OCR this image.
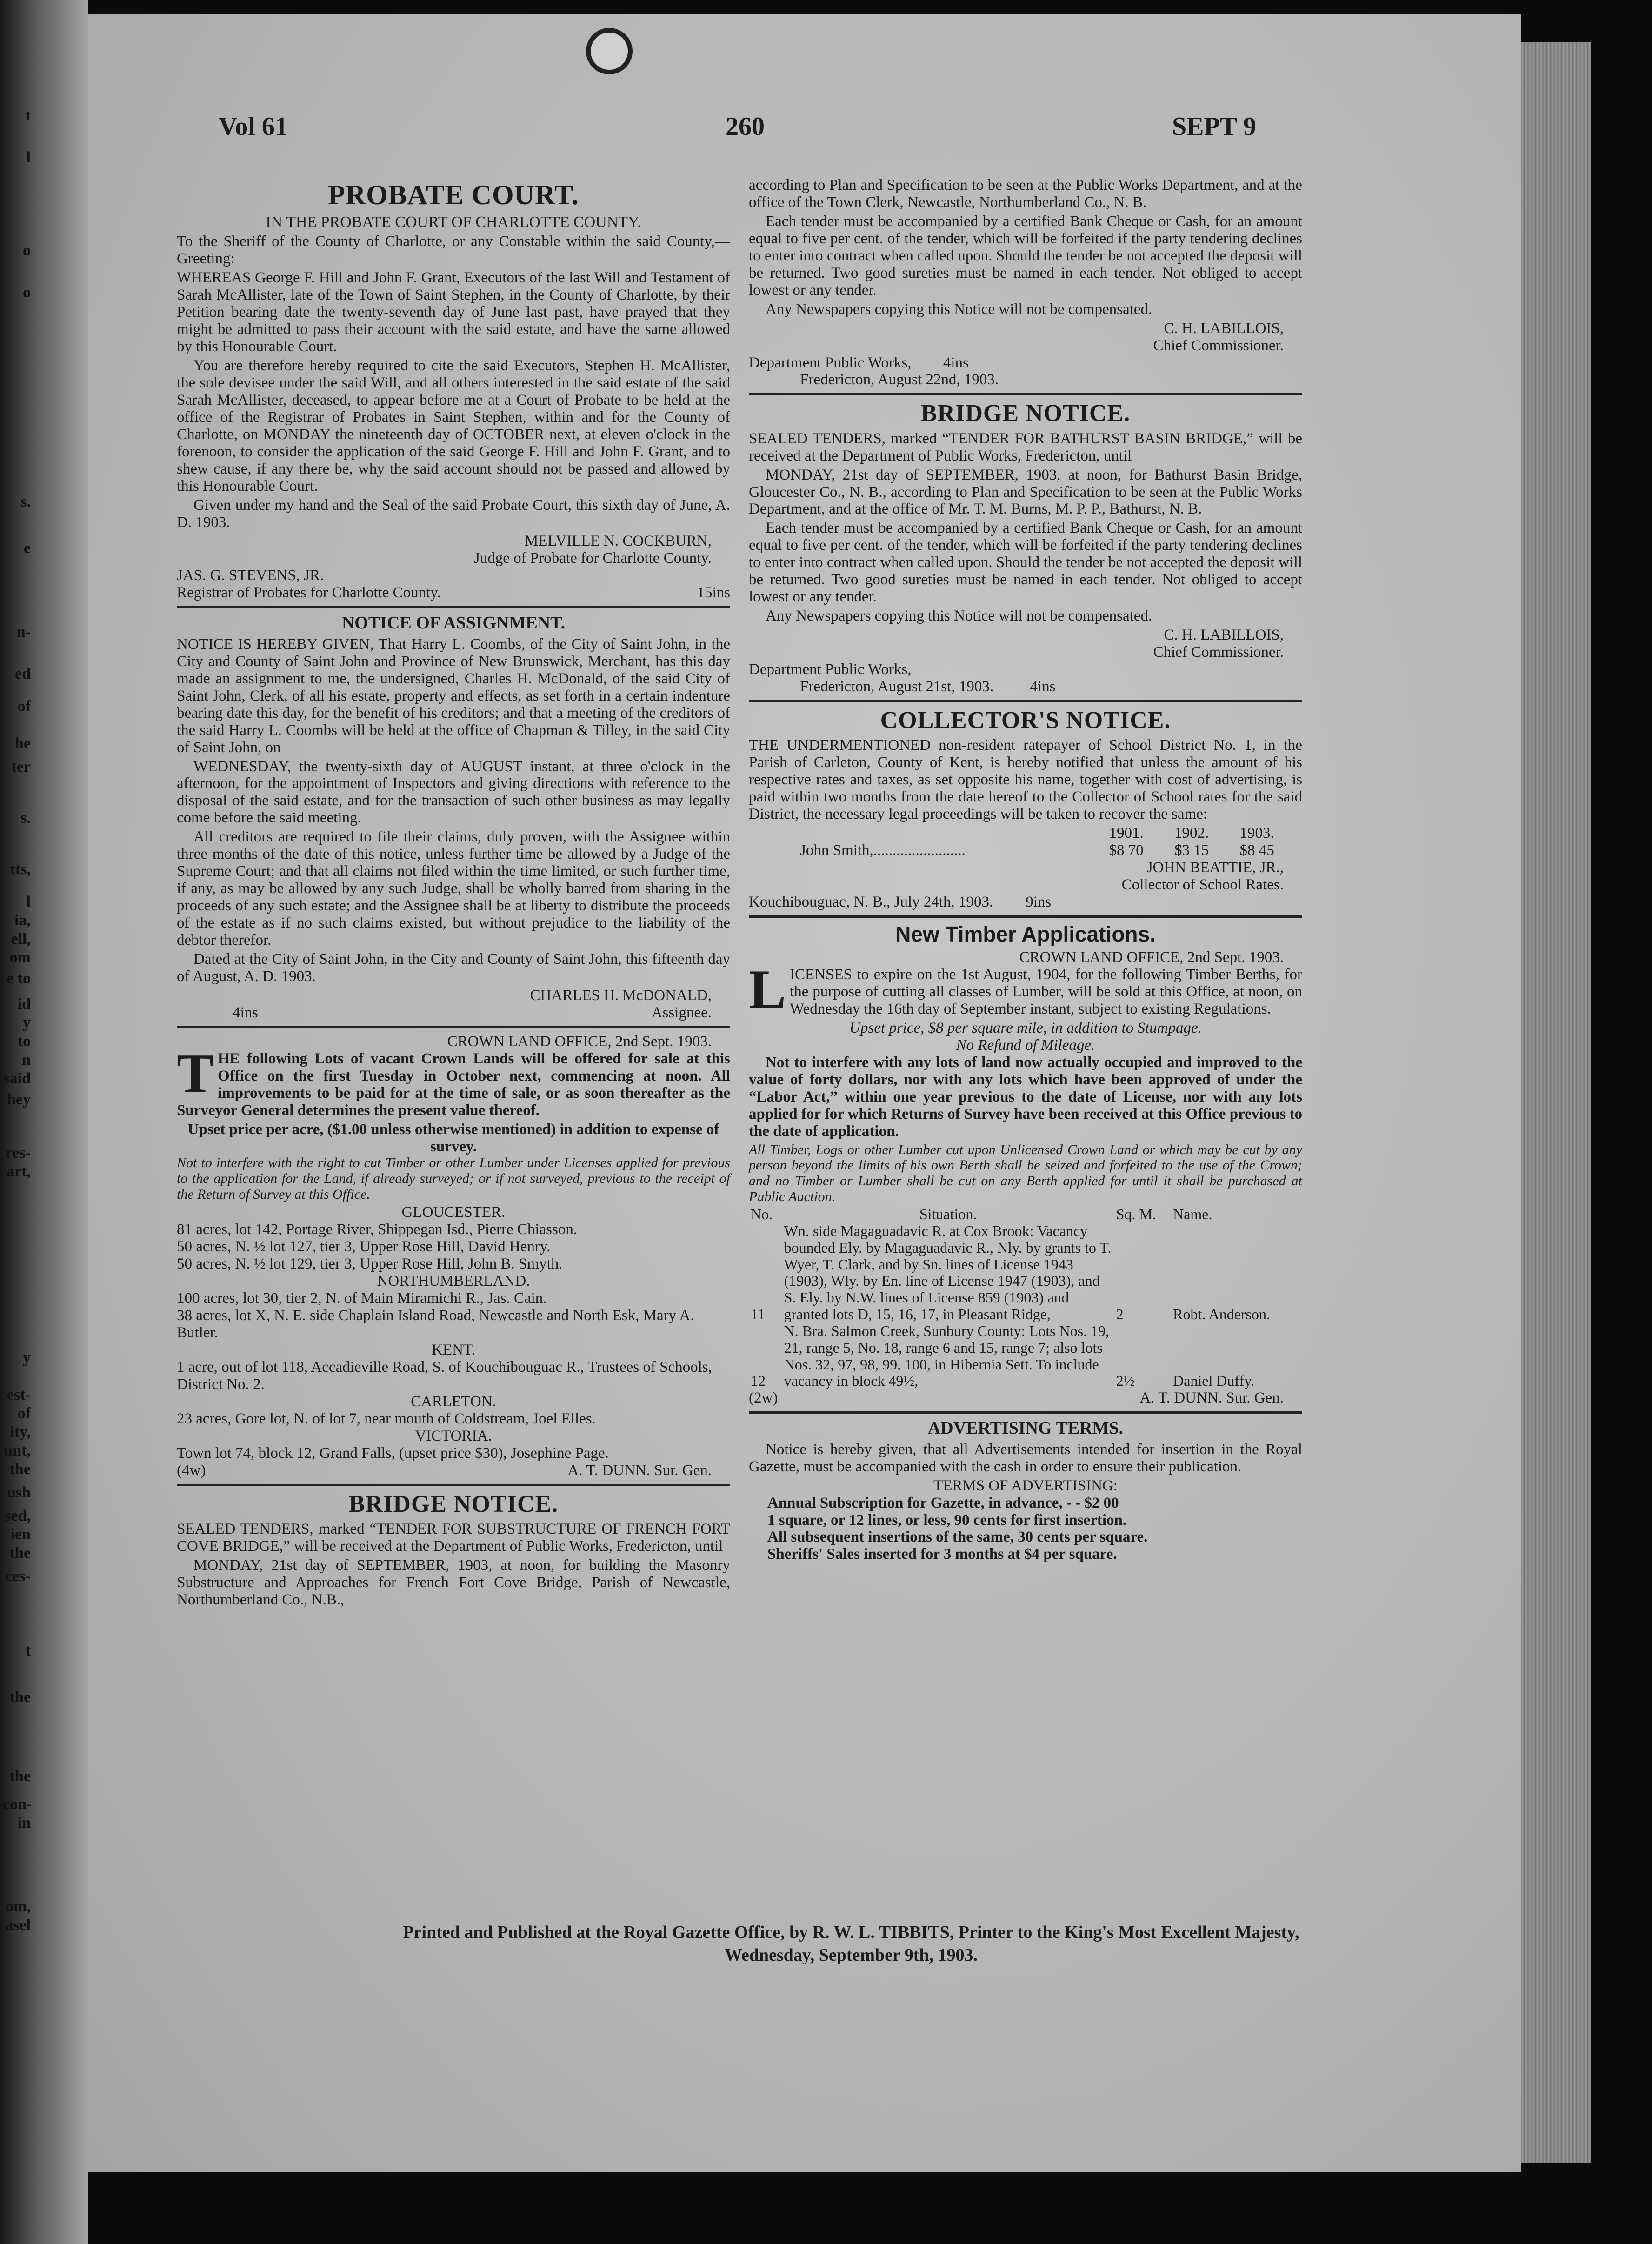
t
l
o
o
s.
e
n-
ed
of
he
ter
s.
tts,
l
ia,
ell,
om
e to
id
y
to
n
said
hey
res-
art,
y
est-
of
ity,
unt,
the
ush
sed,
ien
the
ces-
t
the
the
con-
in
om,
asel
Vol 61	260	SEPT 9
PROBATE COURT.
IN THE PROBATE COURT OF CHARLOTTE COUNTY.

To the Sheriff of the County of Charlotte, or any Constable within the said County,—Greeting:

WHEREAS George F. Hill and John F. Grant, Executors of the last Will and Testament of Sarah McAllister, late of the Town of Saint Stephen, in the County of Charlotte, by their Petition bearing date the twenty-seventh day of June last past, have prayed that they might be admitted to pass their account with the said estate, and have the same allowed by this Honourable Court.

You are therefore hereby required to cite the said Executors, Stephen H. McAllister, the sole devisee under the said Will, and all others interested in the said estate of the said Sarah McAllister, deceased, to appear before me at a Court of Probate to be held at the office of the Registrar of Probates in Saint Stephen, within and for the County of Charlotte, on MONDAY the nineteenth day of OCTOBER next, at eleven o'clock in the forenoon, to consider the application of the said George F. Hill and John F. Grant, and to shew cause, if any there be, why the said account should not be passed and allowed by this Honourable Court.

Given under my hand and the Seal of the said Probate Court, this sixth day of June, A. D. 1903.

MELVILLE N. COCKBURN,
Judge of Probate for Charlotte County.
JAS. G. STEVENS, JR.
Registrar of Probates for Charlotte County.	15ins
NOTICE OF ASSIGNMENT.

NOTICE IS HEREBY GIVEN, That Harry L. Coombs, of the City of Saint John, in the City and County of Saint John and Province of New Brunswick, Merchant, has this day made an assignment to me, the undersigned, Charles H. McDonald, of the said City of Saint John, Clerk, of all his estate, property and effects, as set forth in a certain indenture bearing date this day, for the benefit of his creditors; and that a meeting of the creditors of the said Harry L. Coombs will be held at the office of Chapman & Tilley, in the said City of Saint John, on

WEDNESDAY, the twenty-sixth day of AUGUST instant, at three o'clock in the afternoon, for the appointment of Inspectors and giving directions with reference to the disposal of the said estate, and for the transaction of such other business as may legally come before the said meeting.

All creditors are required to file their claims, duly proven, with the Assignee within three months of the date of this notice, unless further time be allowed by a Judge of the Supreme Court; and that all claims not filed within the time limited, or such further time, if any, as may be allowed by any such Judge, shall be wholly barred from sharing in the proceeds of any such estate; and the Assignee shall be at liberty to distribute the proceeds of the estate as if no such claims existed, but without prejudice to the liability of the debtor therefor.

Dated at the City of Saint John, in the City and County of Saint John, this fifteenth day of August, A. D. 1903.

CHARLES H. McDONALD,
4ins	Assignee.
CROWN LAND OFFICE, 2nd Sept. 1903.

THE following Lots of vacant Crown Lands will be offered for sale at this Office on the first Tuesday in October next, commencing at noon. All improvements to be paid for at the time of sale, or as soon thereafter as the Surveyor General determines the present value thereof.

Upset price per acre, ($1.00 unless otherwise mentioned) in addition to expense of survey.

Not to interfere with the right to cut Timber or other Lumber under Licenses applied for previous to the application for the Land, if already surveyed; or if not surveyed, previous to the receipt of the Return of Survey at this Office.

GLOUCESTER.
81 acres, lot 142, Portage River, Shippegan Isd., Pierre Chiasson.
50 acres, N. ½ lot 127, tier 3, Upper Rose Hill, David Henry.
50 acres, N. ½ lot 129, tier 3, Upper Rose Hill, John B. Smyth.
NORTHUMBERLAND.
100 acres, lot 30, tier 2, N. of Main Miramichi R., Jas. Cain.
38 acres, lot X, N. E. side Chaplain Island Road, Newcastle and North Esk, Mary A. Butler.
KENT.
1 acre, out of lot 118, Accadieville Road, S. of Kouchibouguac R., Trustees of Schools, District No. 2.
CARLETON.
23 acres, Gore lot, N. of lot 7, near mouth of Coldstream, Joel Elles.
VICTORIA.
Town lot 74, block 12, Grand Falls, (upset price $30), Josephine Page.
(4w)	A. T. DUNN. Sur. Gen.
BRIDGE NOTICE.

SEALED TENDERS, marked “TENDER FOR SUBSTRUCTURE OF FRENCH FORT COVE BRIDGE,” will be received at the Department of Public Works, Fredericton, until

MONDAY, 21st day of SEPTEMBER, 1903, at noon, for building the Masonry Substructure and Approaches for French Fort Cove Bridge, Parish of Newcastle, Northumberland Co., N.B.,

according to Plan and Specification to be seen at the Public Works Department, and at the office of the Town Clerk, Newcastle, Northumberland Co., N. B.

Each tender must be accompanied by a certified Bank Cheque or Cash, for an amount equal to five per cent. of the tender, which will be forfeited if the party tendering declines to enter into contract when called upon. Should the tender be not accepted the deposit will be returned. Two good sureties must be named in each tender. Not obliged to accept lowest or any tender.

Any Newspapers copying this Notice will not be compensated.

C. H. LABILLOIS,
Chief Commissioner.
Department Public Works, 4ins
Fredericton, August 22nd, 1903.
BRIDGE NOTICE.

SEALED TENDERS, marked “TENDER FOR BATHURST BASIN BRIDGE,” will be received at the Department of Public Works, Fredericton, until

MONDAY, 21st day of SEPTEMBER, 1903, at noon, for Bathurst Basin Bridge, Gloucester Co., N. B., according to Plan and Specification to be seen at the Public Works Department, and at the office of Mr. T. M. Burns, M. P. P., Bathurst, N. B.

Each tender must be accompanied by a certified Bank Cheque or Cash, for an amount equal to five per cent. of the tender, which will be forfeited if the party tendering declines to enter into contract when called upon. Should the tender be not accepted the deposit will be returned. Two good sureties must be named in each tender. Not obliged to accept lowest or any tender.

Any Newspapers copying this Notice will not be compensated.

C. H. LABILLOIS,
Chief Commissioner.
Department Public Works,
Fredericton, August 21st, 1903. 4ins
COLLECTOR'S NOTICE.

THE UNDERMENTIONED non-resident ratepayer of School District No. 1, in the Parish of Carleton, County of Kent, is hereby notified that unless the amount of his respective rates and taxes, as set opposite his name, together with cost of advertising, is paid within two months from the date hereof to the Collector of School rates for the said District, the necessary legal proceedings will be taken to recover the same:—

	1901.	1902.	1903.
John Smith,........................	$8 70	$3 15	$8 45
JOHN BEATTIE, JR.,
Collector of School Rates.
Kouchibouguac, N. B., July 24th, 1903.	9ins
New Timber Applications.
CROWN LAND OFFICE, 2nd Sept. 1903.

LICENSES to expire on the 1st August, 1904, for the following Timber Berths, for the purpose of cutting all classes of Lumber, will be sold at this Office, at noon, on Wednesday the 16th day of September instant, subject to existing Regulations.

Upset price, $8 per square mile, in addition to Stumpage.
No Refund of Mileage.

Not to interfere with any lots of land now actually occupied and improved to the value of forty dollars, nor with any lots which have been approved of under the “Labor Act,” within one year previous to the date of License, nor with any lots applied for for which Returns of Survey have been received at this Office previous to the date of application.

All Timber, Logs or other Lumber cut upon Unlicensed Crown Land or which may be cut by any person beyond the limits of his own Berth shall be seized and forfeited to the use of the Crown; and no Timber or Lumber shall be cut on any Berth applied for until it shall be purchased at Public Auction.

No.	Situation.	Sq. M.	Name.
11	Wn. side Magaguadavic R. at Cox Brook: Vacancy bounded Ely. by Magaguadavic R., Nly. by grants to T. Wyer, T. Clark, and by Sn. lines of License 1943 (1903), Wly. by En. line of License 1947 (1903), and S. Ely. by N.W. lines of License 859 (1903) and granted lots D, 15, 16, 17, in Pleasant Ridge,	2	Robt. Anderson.
12	N. Bra. Salmon Creek, Sunbury County: Lots Nos. 19, 21, range 5, No. 18, range 6 and 15, range 7; also lots Nos. 32, 97, 98, 99, 100, in Hibernia Sett. To include vacancy in block 49½,	2½	Daniel Duffy.
(2w)	A. T. DUNN. Sur. Gen.
ADVERTISING TERMS.

Notice is hereby given, that all Advertisements intended for insertion in the Royal Gazette, must be accompanied with the cash in order to ensure their publication.

TERMS OF ADVERTISING:
Annual Subscription for Gazette, in advance, - - $2 00
1 square, or 12 lines, or less, 90 cents for first insertion.
All subsequent insertions of the same, 30 cents per square.
Sheriffs' Sales inserted for 3 months at $4 per square.
Printed and Published at the Royal Gazette Office, by R. W. L. TIBBITS, Printer to the King's Most Excellent Majesty,
Wednesday, September 9th, 1903.
